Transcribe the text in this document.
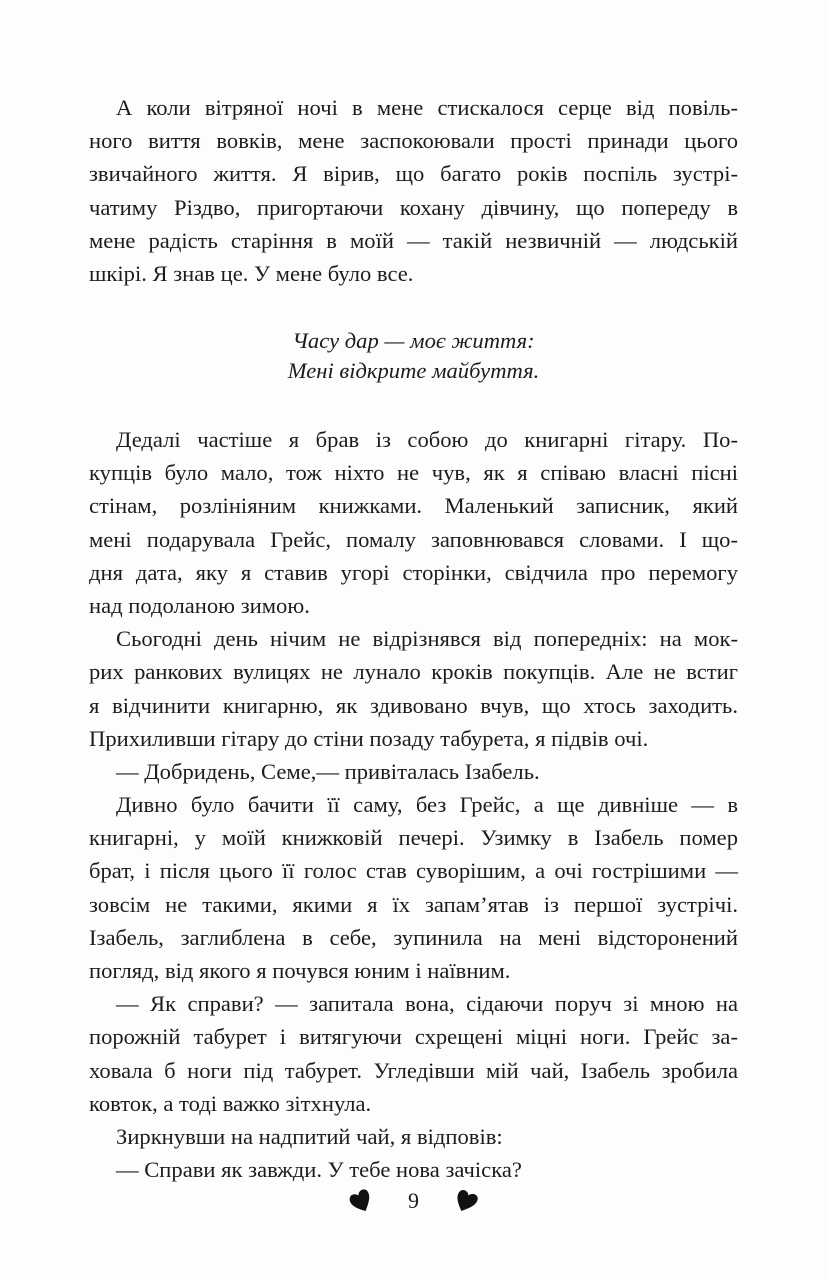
А коли вітряної ночі в мене стискалося серце від повіль-
ного виття вовків, мене заспокоювали прості принади цього
звичайного життя. Я вірив, що багато років поспіль зустрі-
чатиму Різдво, пригортаючи кохану дівчину, що попереду в
мене радість старіння в моїй — такій незвичній — людській
шкірі. Я знав це. У мене було все.
Часу дар — моє життя:
Мені відкрите майбуття.
Дедалі частіше я брав із собою до книгарні гітару. По-
купців було мало, тож ніхто не чув, як я співаю власні пісні
стінам, розлініяним книжками. Маленький записник, який
мені подарувала Грейс, помалу заповнювався словами. І що-
дня дата, яку я ставив угорі сторінки, свідчила про перемогу
над подоланою зимою.
Сьогодні день нічим не відрізнявся від попередніх: на мок-
рих ранкових вулицях не лунало кроків покупців. Але не встиг
я відчинити книгарню, як здивовано вчув, що хтось заходить.
Прихиливши гітару до стіни позаду табурета, я підвів очі.
— Добридень, Семе,— привіталась Ізабель.
Дивно було бачити її саму, без Грейс, а ще дивніше — в
книгарні, у моїй книжковій печері. Узимку в Ізабель помер
брат, і після цього її голос став суворішим, а очі гострішими —
зовсім не такими, якими я їх запам’ятав із першої зустрічі.
Ізабель, заглиблена в себе, зупинила на мені відсторонений
погляд, від якого я почувся юним і наївним.
— Як справи? — запитала вона, сідаючи поруч зі мною на
порожній табурет і витягуючи схрещені міцні ноги. Грейс за-
ховала б ноги під табурет. Угледівши мій чай, Ізабель зробила
ковток, а тоді важко зітхнула.
Зиркнувши на надпитий чай, я відповів:
— Справи як завжди. У тебе нова зачіска?
9
